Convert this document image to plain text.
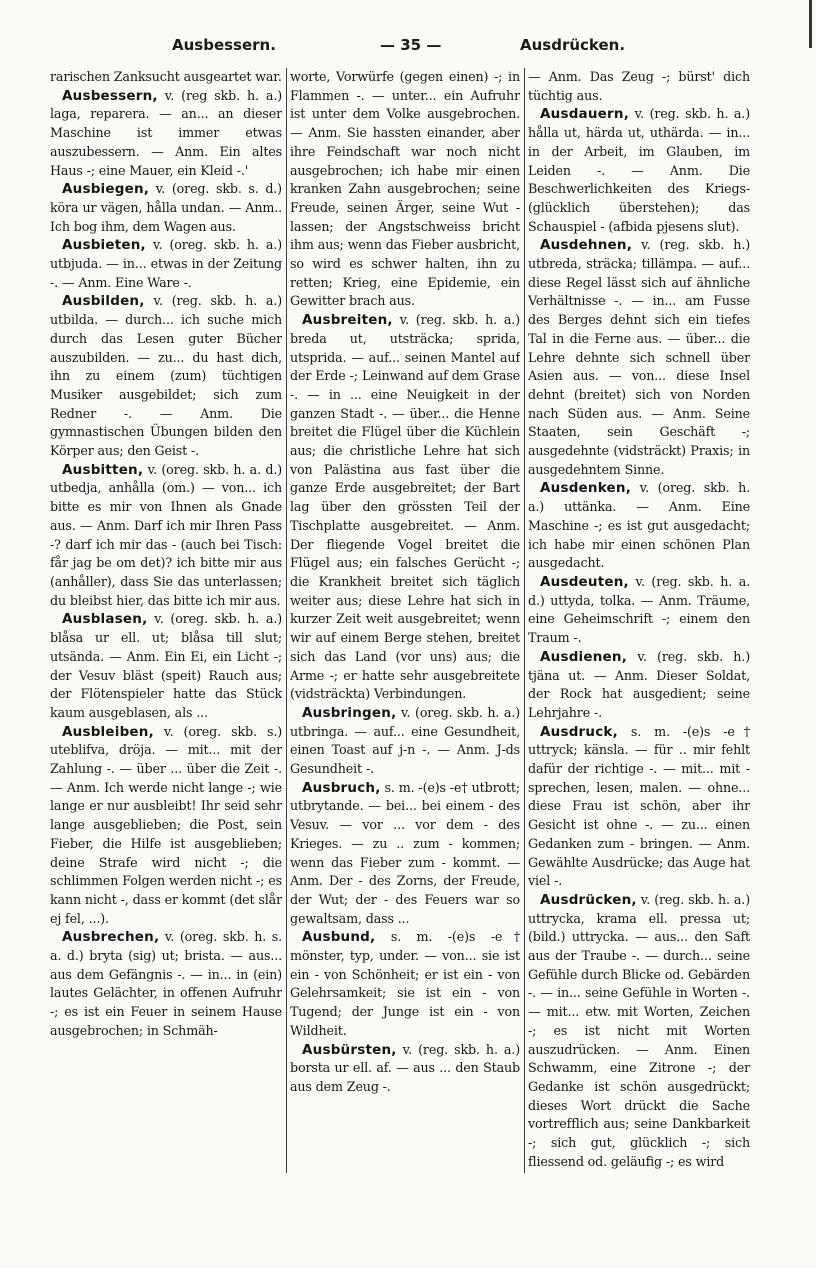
Ausbessern.	— 35 —	Ausdrücken.

rarischen Zanksucht ausgeartet war.

Ausbessern, v. (reg skb. h. a.) laga, reparera. — an... an dieser Maschine ist immer etwas auszubessern. — Anm. Ein altes Haus -; eine Mauer, ein Kleid -.'

Ausbiegen, v. (oreg. skb. s. d.) köra ur vägen, hålla undan. — Anm.. Ich bog ihm, dem Wagen aus.

Ausbieten, v. (oreg. skb. h. a.) utbjuda. — in... etwas in der Zeitung -. — Anm. Eine Ware -.

Ausbilden, v. (reg. skb. h. a.) utbilda. — durch... ich suche mich durch das Lesen guter Bücher auszubilden. — zu... du hast dich, ihn zu einem (zum) tüchtigen Musiker ausgebildet; sich zum Redner -. — Anm. Die gymnastischen Übungen bilden den Körper aus; den Geist -.

Ausbitten, v. (oreg. skb. h. a. d.) utbedja, anhålla (om.) — von... ich bitte es mir von Ihnen als Gnade aus. — Anm. Darf ich mir Ihren Pass -? darf ich mir das - (auch bei Tisch: får jag be om det)? ich bitte mir aus (anhåller), dass Sie das unterlassen; du bleibst hier, das bitte ich mir aus.

Ausblasen, v. (oreg. skb. h. a.) blåsa ur ell. ut; blåsa till slut; utsända. — Anm. Ein Ei, ein Licht -; der Vesuv bläst (speit) Rauch aus; der Flötenspieler hatte das Stück kaum ausgeblasen, als ...

Ausbleiben, v. (oreg. skb. s.) uteblifva, dröja. — mit... mit der Zahlung -. — über ... über die Zeit -. — Anm. Ich werde nicht lange -; wie lange er nur ausbleibt! Ihr seid sehr lange ausgeblieben; die Post, sein Fieber, die Hilfe ist ausgeblieben; deine Strafe wird nicht -; die schlimmen Folgen werden nicht -; es kann nicht -, dass er kommt (det slår ej fel, ...).

Ausbrechen, v. (oreg. skb. h. s. a. d.) bryta (sig) ut; brista. — aus... aus dem Gefängnis -. — in... in (ein) lautes Gelächter, in offenen Aufruhr -; es ist ein Feuer in seinem Hause ausgebrochen; in Schmäh-

worte, Vorwürfe (gegen einen) -; in Flammen -. — unter... ein Aufruhr ist unter dem Volke ausgebrochen. — Anm. Sie hassten einander, aber ihre Feindschaft war noch nicht ausgebrochen; ich habe mir einen kranken Zahn ausgebrochen; seine Freude, seinen Ärger, seine Wut - lassen; der Angstschweiss bricht ihm aus; wenn das Fieber ausbricht, so wird es schwer halten, ihn zu retten; Krieg, eine Epidemie, ein Gewitter brach aus.

Ausbreiten, v. (reg. skb. h. a.) breda ut, utsträcka; sprida, utsprida. — auf... seinen Mantel auf der Erde -; Leinwand auf dem Grase -. — in ... eine Neuigkeit in der ganzen Stadt -. — über... die Henne breitet die Flügel über die Küchlein aus; die christliche Lehre hat sich von Palästina aus fast über die ganze Erde ausgebreitet; der Bart lag über den grössten Teil der Tischplatte ausgebreitet. — Anm. Der fliegende Vogel breitet die Flügel aus; ein falsches Gerücht -; die Krankheit breitet sich täglich weiter aus; diese Lehre hat sich in kurzer Zeit weit ausgebreitet; wenn wir auf einem Berge stehen, breitet sich das Land (vor uns) aus; die Arme -; er hatte sehr ausgebreitete (vidsträckta) Verbindungen.

Ausbringen, v. (oreg. skb. h. a.) utbringa. — auf... eine Gesundheit, einen Toast auf j-n -. — Anm. J-ds Gesundheit -.

Ausbruch, s. m. -(e)s -e† utbrott; utbrytande. — bei... bei einem - des Vesuv. — vor ... vor dem - des Krieges. — zu .. zum - kommen; wenn das Fieber zum - kommt. — Anm. Der - des Zorns, der Freude, der Wut; der - des Feuers war so gewaltsam, dass ...

Ausbund, s. m. -(e)s -e† mönster, typ, under. — von... sie ist ein - von Schönheit; er ist ein - von Gelehrsamkeit; sie ist ein - von Tugend; der Junge ist ein - von Wildheit.

Ausbürsten, v. (reg. skb. h. a.) borsta ur ell. af. — aus ... den Staub aus dem Zeug -.

— Anm. Das Zeug -; bürst' dich tüchtig aus.

Ausdauern, v. (reg. skb. h. a.) hålla ut, härda ut, uthärda. — in... in der Arbeit, im Glauben, im Leiden -. — Anm. Die Beschwerlichkeiten des Kriegs- (glücklich überstehen); das Schauspiel - (afbida pjesens slut).

Ausdehnen, v. (reg. skb. h.) utbreda, sträcka; tillämpa. — auf... diese Regel lässt sich auf ähnliche Verhältnisse -. — in... am Fusse des Berges dehnt sich ein tiefes Tal in die Ferne aus. — über... die Lehre dehnte sich schnell über Asien aus. — von... diese Insel dehnt (breitet) sich von Norden nach Süden aus. — Anm. Seine Staaten, sein Geschäft -; ausgedehnte (vidsträckt) Praxis; in ausgedehntem Sinne.

Ausdenken, v. (oreg. skb. h. a.) uttänka. — Anm. Eine Maschine -; es ist gut ausgedacht; ich habe mir einen schönen Plan ausgedacht.

Ausdeuten, v. (reg. skb. h. a. d.) uttyda, tolka. — Anm. Träume, eine Geheimschrift -; einem den Traum -.

Ausdienen, v. (reg. skb. h.) tjäna ut. — Anm. Dieser Soldat, der Rock hat ausgedient; seine Lehrjahre -.

Ausdruck, s. m. -(e)s -e† uttryck; känsla. — für .. mir fehlt dafür der richtige -. — mit... mit - sprechen, lesen, malen. — ohne... diese Frau ist schön, aber ihr Gesicht ist ohne -. — zu... einen Gedanken zum - bringen. — Anm. Gewählte Ausdrücke; das Auge hat viel -.

Ausdrücken, v. (reg. skb. h. a.) uttrycka, krama ell. pressa ut; (bild.) uttrycka. — aus... den Saft aus der Traube -. — durch... seine Gefühle durch Blicke od. Gebärden -. — in... seine Gefühle in Worten -. — mit... etw. mit Worten, Zeichen -; es ist nicht mit Worten auszudrücken. — Anm. Einen Schwamm, eine Zitrone -; der Gedanke ist schön ausgedrückt; dieses Wort drückt die Sache vortrefflich aus; seine Dankbarkeit -; sich gut, glücklich -; sich fliessend od. geläufig -; es wird
